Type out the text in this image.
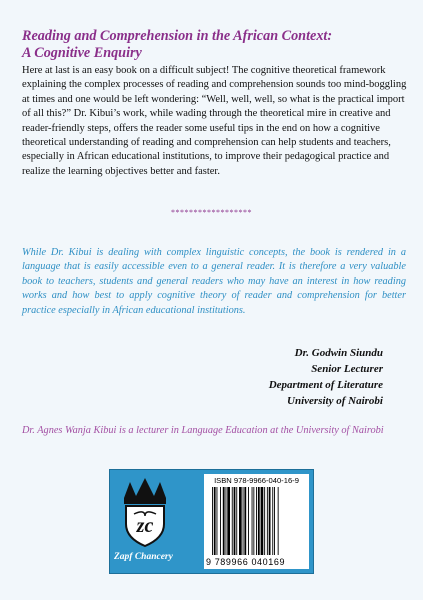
Reading and Comprehension in the African Context:
A Cognitive Enquiry
Here at last is an easy book on a difficult subject! The cognitive theoretical framework explaining the complex processes of reading and comprehension sounds too mind-boggling at times and one would be left wondering: “Well, well, well, so what is the practical import of all this?” Dr. Kibui’s work, while wading through the theoretical mire in creative and reader-friendly steps, offers the reader some useful tips in the end on how a cognitive theoretical understanding of reading and comprehension can help students and teachers, especially in African educational institutions, to improve their pedagogical practice and realize the learning objectives better and faster.
******************
While Dr. Kibui is dealing with complex linguistic concepts, the book is rendered in a language that is easily accessible even to a general reader. It is therefore a very valuable book to teachers, students and general readers who may have an interest in how reading works and how best to apply cognitive theory of reader and comprehension for better practice especially in African educational institutions.
Dr. Godwin Siundu
Senior Lecturer
Department of Literature
University of Nairobi
Dr. Agnes Wanja Kibui is a lecturer in Language Education at the University of Nairobi
zc
Zapf Chancery
ISBN 978-9966-040-16-9
9 789966 040169
